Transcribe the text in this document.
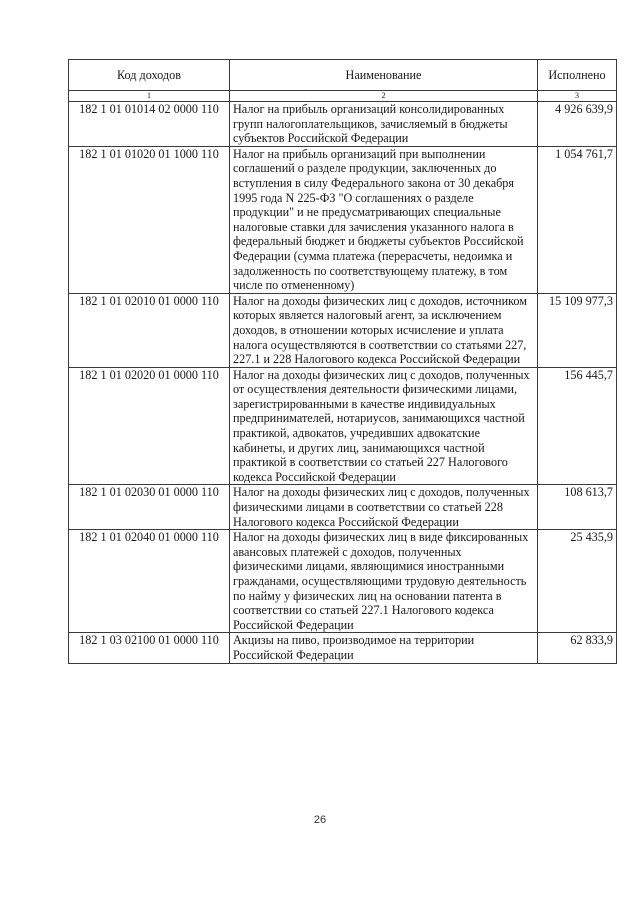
Код доходов	Наименование	Исполнено
1	2	3
182 1 01 01014 02 0000 110	Налог на прибыль организаций консолидированных групп налогоплательщиков, зачисляемый в бюджеты субъектов Российской Федерации	4 926 639,9
182 1 01 01020 01 1000 110	Налог на прибыль организаций при выполнении соглашений о разделе продукции, заключенных до вступления в силу Федерального закона от 30 декабря 1995 года N 225-ФЗ "О соглашениях о разделе продукции" и не предусматривающих специальные налоговые ставки для зачисления указанного налога в федеральный бюджет и бюджеты субъектов Российской Федерации (сумма платежа (перерасчеты, недоимка и задолженность по соответствующему платежу, в том числе по отмененному)	1 054 761,7
182 1 01 02010 01 0000 110	Налог на доходы физических лиц с доходов, источником которых является налоговый агент, за исключением доходов, в отношении которых исчисление и уплата налога осуществляются в соответствии со статьями 227, 227.1 и 228 Налогового кодекса Российской Федерации	15 109 977,3
182 1 01 02020 01 0000 110	Налог на доходы физических лиц с доходов, полученных от осуществления деятельности физическими лицами, зарегистрированными в качестве индивидуальных предпринимателей, нотариусов, занимающихся частной практикой, адвокатов, учредивших адвокатские кабинеты, и других лиц, занимающихся частной практикой в соответствии со статьей 227 Налогового кодекса Российской Федерации	156 445,7
182 1 01 02030 01 0000 110	Налог на доходы физических лиц с доходов, полученных физическими лицами в соответствии со статьей 228 Налогового кодекса Российской Федерации	108 613,7
182 1 01 02040 01 0000 110	Налог на доходы физических лиц в виде фиксированных авансовых платежей с доходов, полученных физическими лицами, являющимися иностранными гражданами, осуществляющими трудовую деятельность по найму у физических лиц на основании патента в соответствии со статьей 227.1 Налогового кодекса Российской Федерации	25 435,9
182 1 03 02100 01 0000 110	Акцизы на пиво, производимое на территории Российской Федерации	62 833,9
26
